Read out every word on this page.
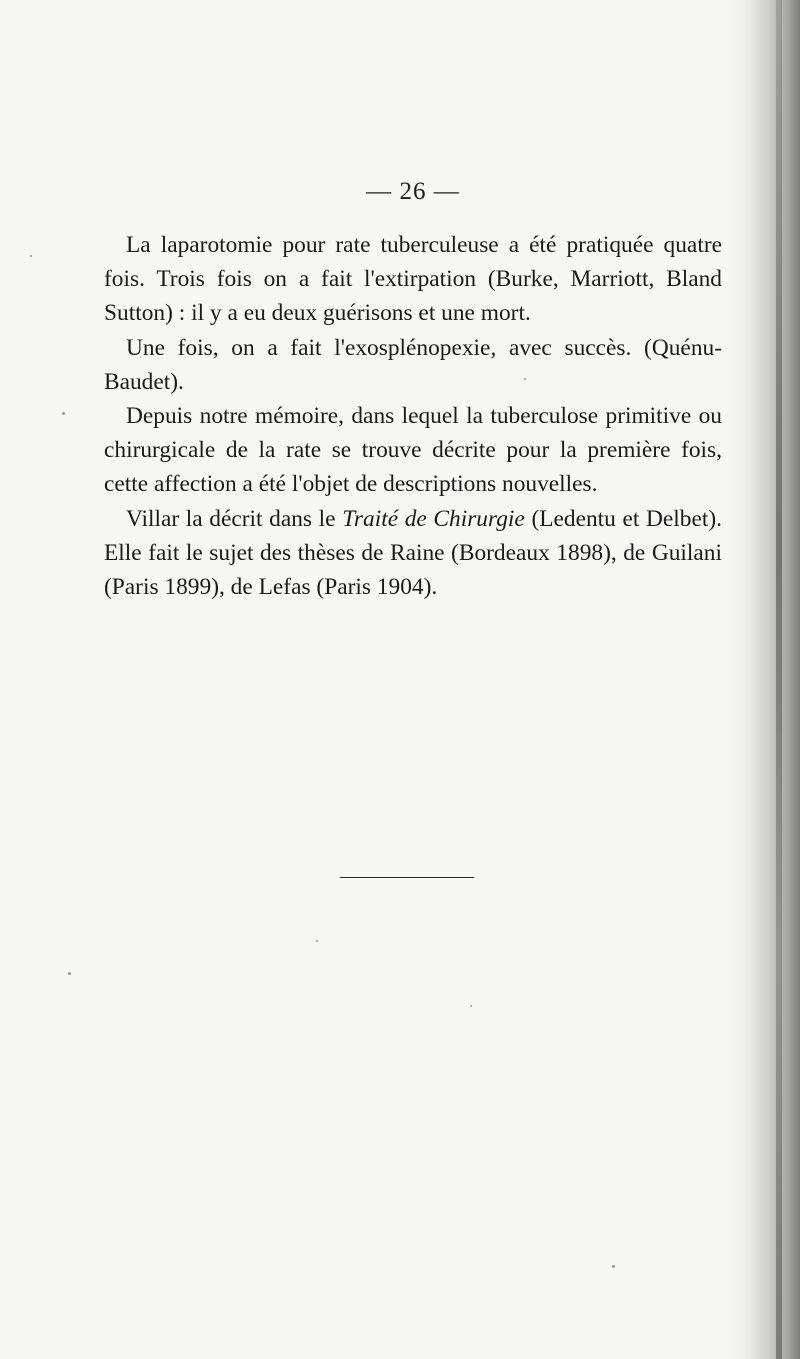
— 26 —

La laparotomie pour rate tuberculeuse a été pratiquée quatre fois. Trois fois on a fait l'extirpation (Burke, Marriott, Bland Sutton) : il y a eu deux guérisons et une mort.

Une fois, on a fait l'exosplénopexie, avec succès. (Quénu-Baudet).

Depuis notre mémoire, dans lequel la tuberculose primitive ou chirurgicale de la rate se trouve décrite pour la première fois, cette affection a été l'objet de descriptions nouvelles.

Villar la décrit dans le Traité de Chirurgie (Ledentu et Delbet). Elle fait le sujet des thèses de Raine (Bordeaux 1898), de Guilani (Paris 1899), de Lefas (Paris 1904).
